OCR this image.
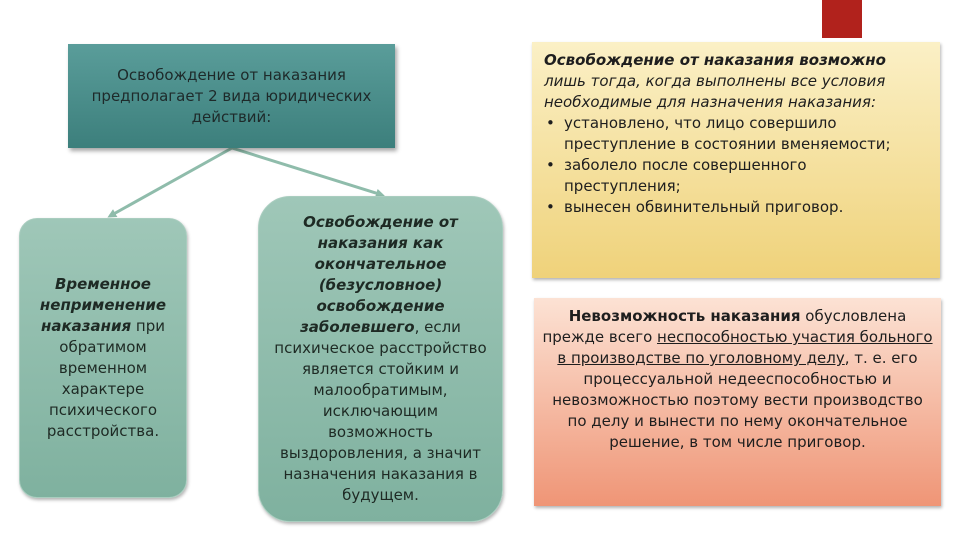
Освобождение от наказания предполагает 2 вида юридических действий:
Временное неприменение наказания при обратимом временном характере психического расстройства.
Освобождение от наказания как окончательное (безусловное) освобождение заболевшего, если психическое расстройство является стойким и малообратимым, исключающим возможность выздоровления, а значит назначения наказания в будущем.
Освобождение от наказания возможно лишь тогда, когда выполнены все условия необходимые для назначения наказания:
• установлено, что лицо совершило преступление в состоянии вменяемости;
• заболело после совершенного преступления;
• вынесен обвинительный приговор.
Невозможность наказания обусловлена прежде всего неспособностью участия больного в производстве по уголовному делу, т. е. его процессуальной недееспособностью и невозможностью поэтому вести производство по делу и вынести по нему окончательное решение, в том числе приговор.
